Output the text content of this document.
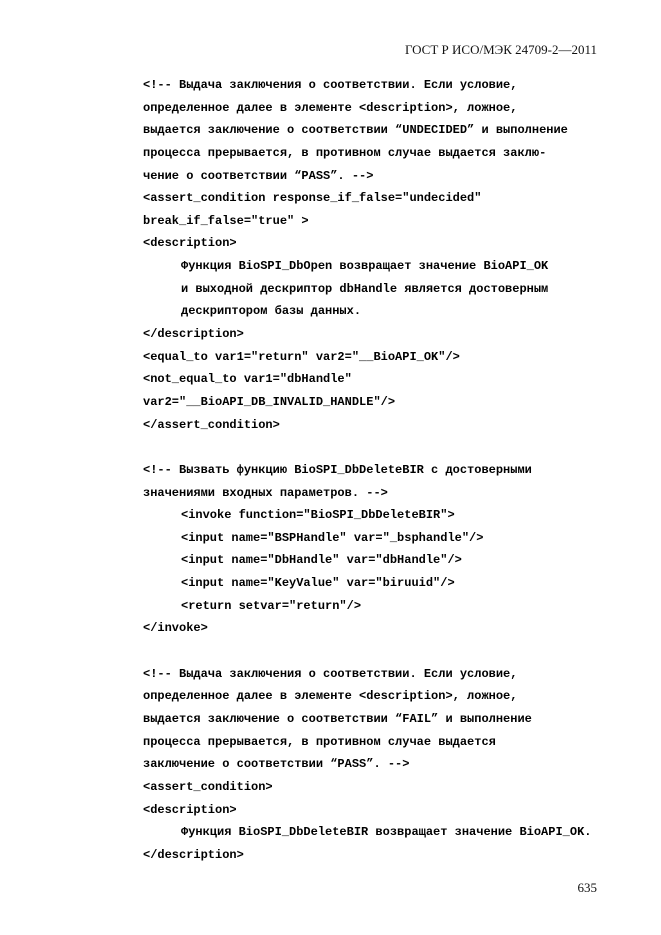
ГОСТ Р ИСО/МЭК 24709-2—2011
<!-- Выдача заключения о соответствии. Если условие,
определенное далее в элементе <description>, ложное,
выдается заключение о соответствии “UNDECIDED” и выполнение
процесса прерывается, в противном случае выдается заклю-
чение о соответствии “PASS”. -->
<assert_condition response_if_false="undecided"
break_if_false="true" >
<description>
Функция BioSPI_DbOpen возвращает значение BioAPI_OK
и выходной дескриптор dbHandle является достоверным
дескриптором базы данных.
</description>
<equal_to var1="return" var2="__BioAPI_OK"/>
<not_equal_to var1="dbHandle"
var2="__BioAPI_DB_INVALID_HANDLE"/>
</assert_condition>
<!-- Вызвать функцию BioSPI_DbDeleteBIR с достоверными
значениями входных параметров. -->
<invoke function="BioSPI_DbDeleteBIR">
<input name="BSPHandle" var="_bsphandle"/>
<input name="DbHandle" var="dbHandle"/>
<input name="KeyValue" var="biruuid"/>
<return setvar="return"/>
</invoke>
<!-- Выдача заключения о соответствии. Если условие,
определенное далее в элементе <description>, ложное,
выдается заключение о соответствии “FAIL” и выполнение
процесса прерывается, в противном случае выдается
заключение о соответствии “PASS”. -->
<assert_condition>
<description>
Функция BioSPI_DbDeleteBIR возвращает значение BioAPI_OK.
</description>
635
